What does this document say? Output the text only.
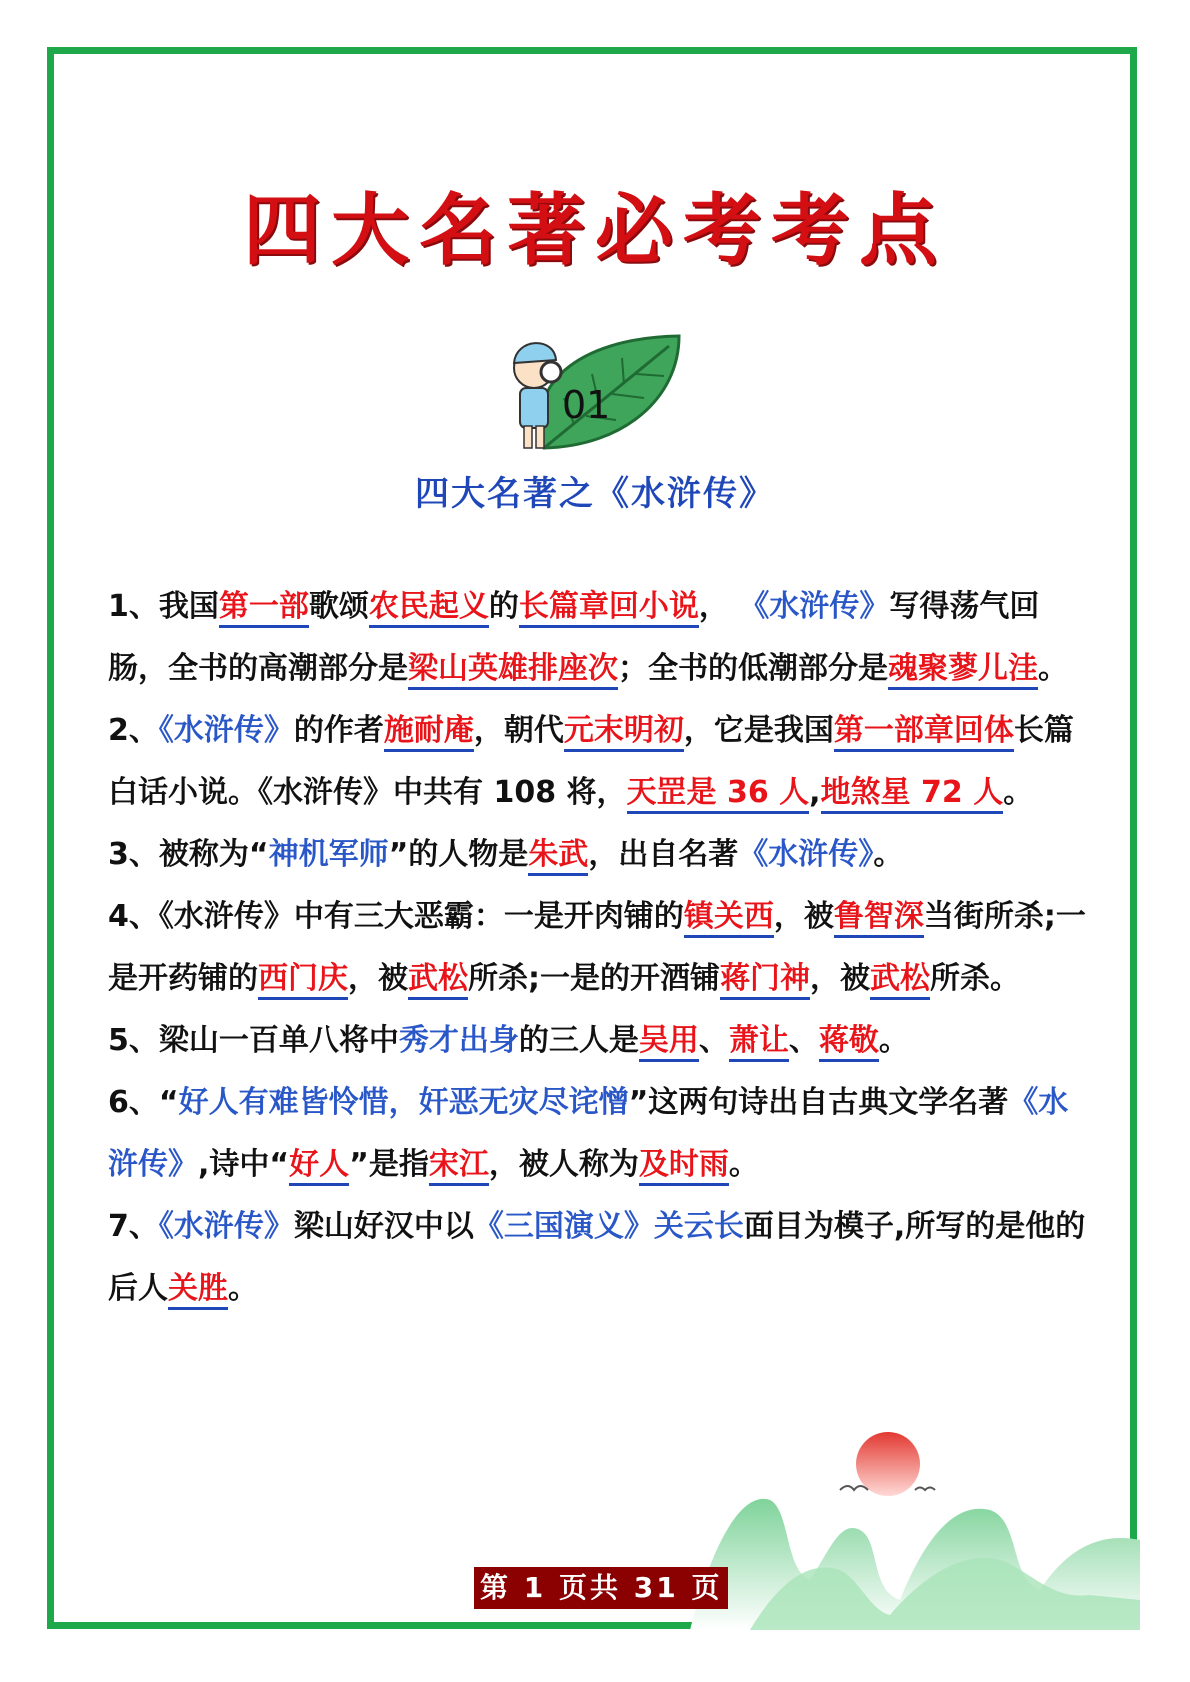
四大名著必考考点
01
四大名著之《水浒传》

1、我国第一部歌颂农民起义的长篇章回小说， 《水浒传》写得荡气回肠，全书的高潮部分是梁山英雄排座次；全书的低潮部分是魂聚蓼儿洼。

2、《水浒传》的作者施耐庵，朝代元末明初，它是我国第一部章回体长篇白话小说。《水浒传》中共有 108 将，天罡是 36 人,地煞星 72 人。

3、被称为“神机军师”的人物是朱武，出自名著《水浒传》。

4、《水浒传》中有三大恶霸：一是开肉铺的镇关西，被鲁智深当街所杀;一是开药铺的西门庆，被武松所杀;一是的开酒铺蒋门神，被武松所杀。

5、梁山一百单八将中秀才出身的三人是吴用、萧让、蒋敬。

6、“好人有难皆怜惜，奸恶无灾尽诧憎”这两句诗出自古典文学名著《水浒传》,诗中“好人”是指宋江，被人称为及时雨。

7、《水浒传》梁山好汉中以《三国演义》关云长面目为模子,所写的是他的后人关胜。

第 1 页共 31 页
